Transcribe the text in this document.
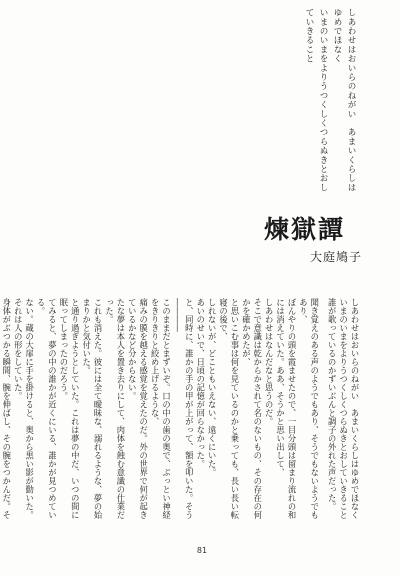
しあわせはおいらのねがい　あまいくらしはゆめでほなく

いまのいまをよりうつくしくつらぬきとおしていきること

煉獄譚
大庭鳩子

しあわせはおいらのねがい　あまいくらしはゆめでほなくいまのいまをよりうつくしくつらぬきとおしていきること

誰が歌っているのかずいぶんと調子の外れた声だった。

聞き覚えのある声のようでもあり、そうでもないようでもあり、

ぼんやりの頭を霞ませたので、一目分頭は留まり流れの和には消えていた。ああ、そうかと思い出して、

しあわせはなんだなと思うのだ。

そこで意識は乾からかされて名のないもの、その存在の何かを確かめたが、

と思いこむ事は何を見ているのかと乗っても、長い長い転寝の後で、

しれないが、どこともいえない、遠くにいた。

あいのせいで、日頃の記憶が回らなかった。

と、同時に、誰かの手の甲が上がって、額を叩いた。そう――――

このままだとまずいぞ。口の中の歯の奥で、ぶっとい神経をきりきりと絞め上げるような、

痛みの膜を越える感覚を覚えたのだ。外の世界で何が起きているかなど分からない。

たな夢は本人を置き去りにして、肉体を蝕む意識の仕業だった。

これも消えた。彼には全て曖昧な、溺れるような、夢の始まりかと気付いた。

と通り過ぎようとしていた。これは夢の中だ、いつの間に眠ってしまったのだろう。

てみると、夢の中の誰かが近くにいる、誰かが見つめている。

ない。蔵の大扉に手を掛けると、奥から黒い影が動いた。それは人の形をしていた。

身体がぶつかる瞬間、腕を伸ばし、その腕をつかんだ。そ

81
